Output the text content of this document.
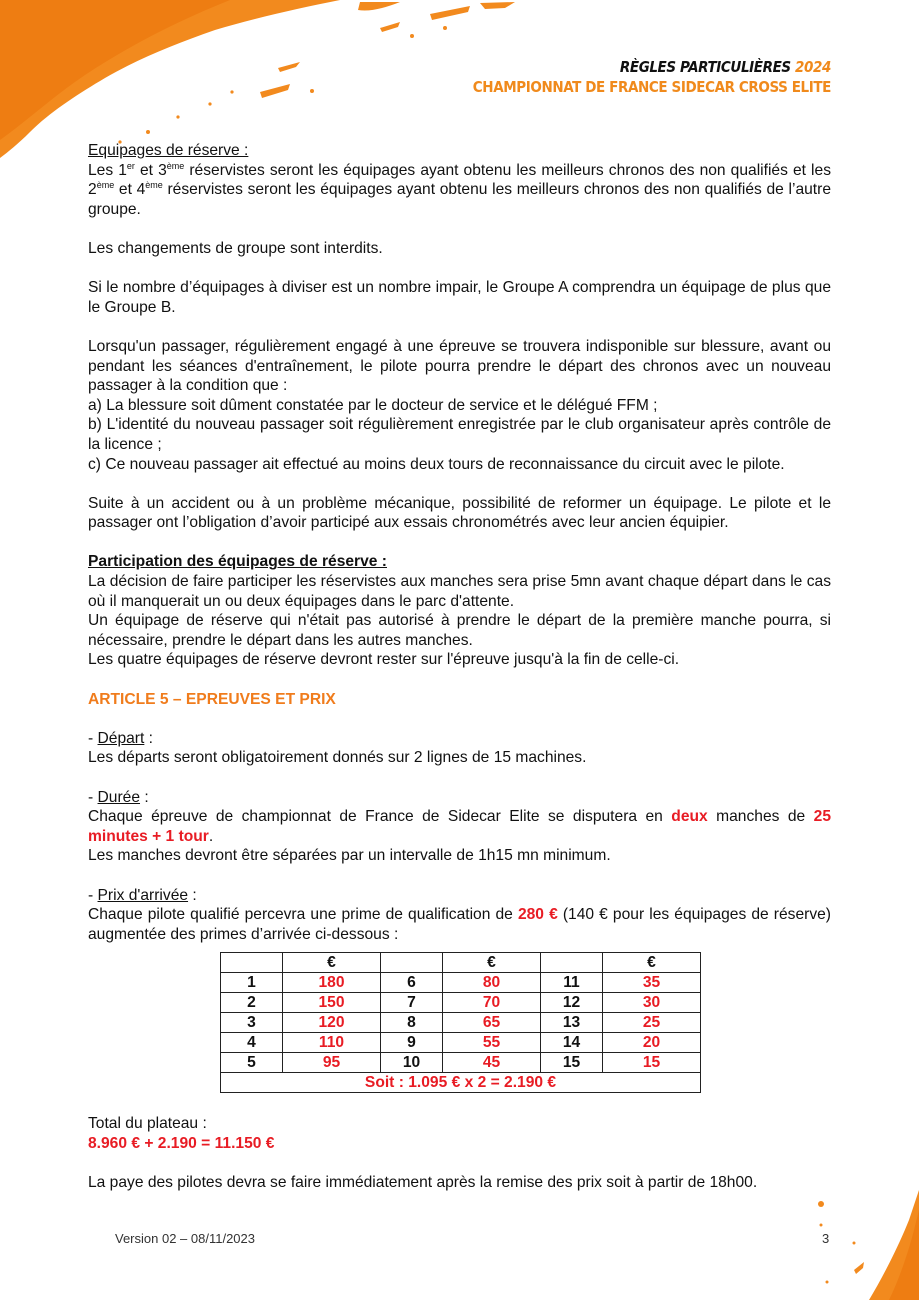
RÈGLES PARTICULIÈRES 2024
CHAMPIONNAT DE FRANCE SIDECAR CROSS ELITE

Equipages de réserve :

Les 1er et 3ème réservistes seront les équipages ayant obtenu les meilleurs chronos des non qualifiés et les 2ème et 4ème réservistes seront les équipages ayant obtenu les meilleurs chronos des non qualifiés de l’autre groupe.

Les changements de groupe sont interdits.

Si le nombre d’équipages à diviser est un nombre impair, le Groupe A comprendra un équipage de plus que le Groupe B.

Lorsqu'un passager, régulièrement engagé à une épreuve se trouvera indisponible sur blessure, avant ou pendant les séances d'entraînement, le pilote pourra prendre le départ des chronos avec un nouveau passager à la condition que :

a) La blessure soit dûment constatée par le docteur de service et le délégué FFM ;

b) L'identité du nouveau passager soit régulièrement enregistrée par le club organisateur après contrôle de la licence ;

c) Ce nouveau passager ait effectué au moins deux tours de reconnaissance du circuit avec le pilote.

Suite à un accident ou à un problème mécanique, possibilité de reformer un équipage. Le pilote et le passager ont l’obligation d’avoir participé aux essais chronométrés avec leur ancien équipier.

Participation des équipages de réserve :

La décision de faire participer les réservistes aux manches sera prise 5mn avant chaque départ dans le cas où il manquerait un ou deux équipages dans le parc d'attente.

Un équipage de réserve qui n'était pas autorisé à prendre le départ de la première manche pourra, si nécessaire, prendre le départ dans les autres manches.

Les quatre équipages de réserve devront rester sur l'épreuve jusqu'à la fin de celle-ci.

ARTICLE 5 – EPREUVES ET PRIX

- Départ :

Les départs seront obligatoirement donnés sur 2 lignes de 15 machines.

- Durée :

Chaque épreuve de championnat de France de Sidecar Elite se disputera en deux manches de 25 minutes + 1 tour.

Les manches devront être séparées par un intervalle de 1h15 mn minimum.

- Prix d'arrivée :

Chaque pilote qualifié percevra une prime de qualification de 280 € (140 € pour les équipages de réserve) augmentée des primes d’arrivée ci-dessous :

	€		€		€
1	180	6	80	11	35
2	150	7	70	12	30
3	120	8	65	13	25
4	110	9	55	14	20
5	95	10	45	15	15
Soit : 1.095 € x 2 = 2.190 €					

Total du plateau :

8.960 € + 2.190 = 11.150 €

La paye des pilotes devra se faire immédiatement après la remise des prix soit à partir de 18h00.

Version 02 – 08/11/2023	3
